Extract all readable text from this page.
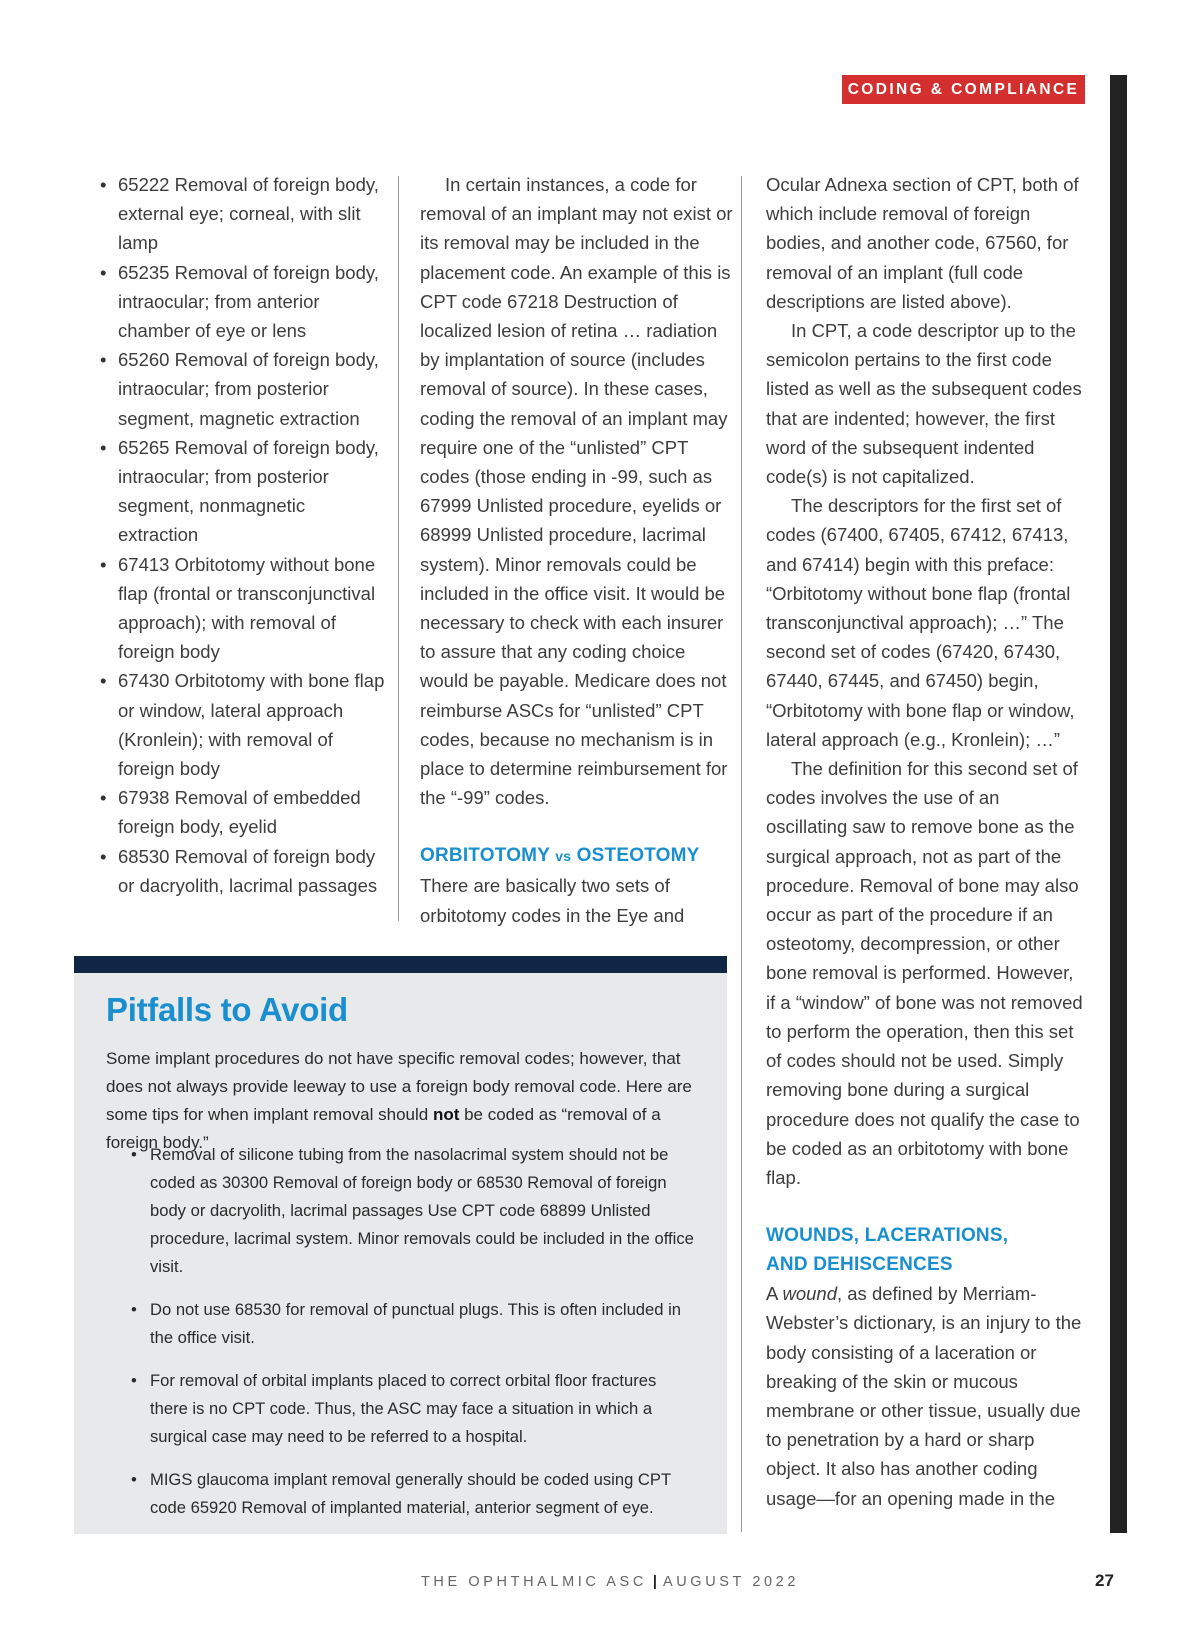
CODING & COMPLIANCE
• 65222 Removal of foreign body, external eye; corneal, with slit lamp
• 65235 Removal of foreign body, intraocular; from anterior chamber of eye or lens
• 65260 Removal of foreign body, intraocular; from posterior segment, magnetic extraction
• 65265 Removal of foreign body, intraocular; from posterior segment, nonmagnetic extraction
• 67413 Orbitotomy without bone flap (frontal or transconjunctival approach); with removal of foreign body
• 67430 Orbitotomy with bone flap or window, lateral approach (Kronlein); with removal of foreign body
• 67938 Removal of embedded foreign body, eyelid
• 68530 Removal of foreign body or dacryolith, lacrimal passages

In certain instances, a code for removal of an implant may not exist or its removal may be included in the placement code. An example of this is CPT code 67218 Destruction of localized lesion of retina … radiation by implantation of source (includes removal of source). In these cases, coding the removal of an implant may require one of the “unlisted” CPT codes (those ending in -99, such as 67999 Unlisted procedure, eyelids or 68999 Unlisted procedure, lacrimal system). Minor removals could be included in the office visit. It would be necessary to check with each insurer to assure that any coding choice would be payable. Medicare does not reimburse ASCs for “unlisted” CPT codes, because no mechanism is in place to determine reimbursement for the “-99” codes.

ORBITOTOMY vs OSTEOTOMY

There are basically two sets of orbitotomy codes in the Eye and

Ocular Adnexa section of CPT, both of which include removal of foreign bodies, and another code, 67560, for removal of an implant (full code descriptions are listed above).

In CPT, a code descriptor up to the semicolon pertains to the first code listed as well as the subsequent codes that are indented; however, the first word of the subsequent indented code(s) is not capitalized.

The descriptors for the first set of codes (67400, 67405, 67412, 67413, and 67414) begin with this preface: “Orbitotomy without bone flap (frontal transconjunctival approach); …” The second set of codes (67420, 67430, 67440, 67445, and 67450) begin, “Orbitotomy with bone flap or window, lateral approach (e.g., Kronlein); …”

The definition for this second set of codes involves the use of an oscillating saw to remove bone as the surgical approach, not as part of the procedure. Removal of bone may also occur as part of the procedure if an osteotomy, decompression, or other bone removal is performed. However, if a “window” of bone was not removed to perform the operation, then this set of codes should not be used. Simply removing bone during a surgical procedure does not qualify the case to be coded as an orbitotomy with bone flap.

WOUNDS, LACERATIONS,
AND DEHISCENCES

A wound, as defined by Merriam-Webster’s dictionary, is an injury to the body consisting of a laceration or breaking of the skin or mucous membrane or other tissue, usually due to penetration by a hard or sharp object. It also has another coding usage—for an opening made in the

Pitfalls to Avoid

Some implant procedures do not have specific removal codes; however, that does not always provide leeway to use a foreign body removal code. Here are some tips for when implant removal should not be coded as “removal of a foreign body.”

• Removal of silicone tubing from the nasolacrimal system should not be coded as 30300 Removal of foreign body or 68530 Removal of foreign body or dacryolith, lacrimal passages Use CPT code 68899 Unlisted procedure, lacrimal system. Minor removals could be included in the office visit.
• Do not use 68530 for removal of punctual plugs. This is often included in the office visit.
• For removal of orbital implants placed to correct orbital floor fractures there is no CPT code. Thus, the ASC may face a situation in which a surgical case may need to be referred to a hospital.
• MIGS glaucoma implant removal generally should be coded using CPT code 65920 Removal of implanted material, anterior segment of eye.
THE OPHTHALMIC ASC | AUGUST 2022	27
